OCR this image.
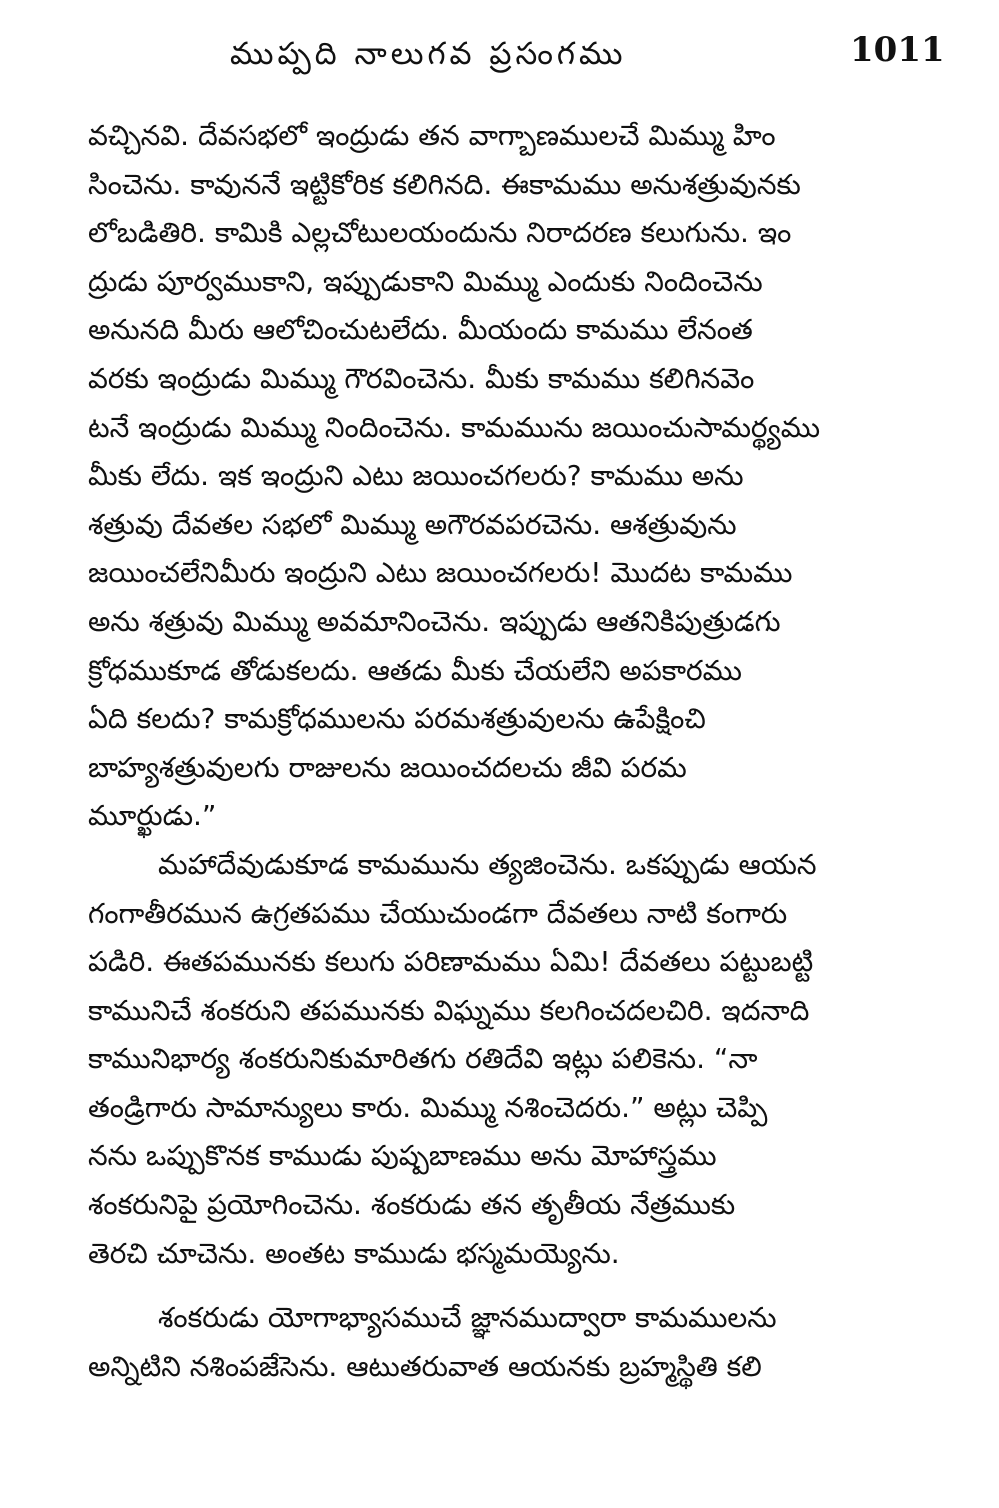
ముప్పది నాలుగవ ప్రసంగము	1011
వచ్చినవి. దేవసభలో ఇంద్రుడు తన వాగ్బాణములచే మిమ్ము హిం
సించెను. కావుననే ఇట్టికోరిక కలిగినది. ఈకామము అనుశత్రువునకు
లోబడితిరి. కామికి ఎల్లచోటులయందును నిరాదరణ కలుగును. ఇం
ద్రుడు పూర్వముకాని, ఇప్పుడుకాని మిమ్ము ఎందుకు నిందించెను
అనునది మీరు ఆలోచించుటలేదు. మీయందు కామము లేనంత
వరకు ఇంద్రుడు మిమ్ము గౌరవించెను. మీకు కామము కలిగినవెం
టనే ఇంద్రుడు మిమ్ము నిందించెను. కామమును జయించుసామర్థ్యము
మీకు లేదు. ఇక ఇంద్రుని ఎటు జయించగలరు? కామము అను
శత్రువు దేవతల సభలో మిమ్ము అగౌరవపరచెను. ఆశత్రువును
జయించలేనిమీరు ఇంద్రుని ఎటు జయించగలరు! మొదట కామము
అను శత్రువు మిమ్ము అవమానించెను. ఇప్పుడు ఆతనికిపుత్రుడగు
క్రోధముకూడ తోడుకలదు. ఆతడు మీకు చేయలేని అపకారము
ఏది కలదు? కామక్రోధములను పరమశత్రువులను ఉపేక్షించి
బాహ్యశత్రువులగు రాజులను జయించదలచు జీవి పరమ
మూర్ఖుడు.”
మహాదేవుడుకూడ కామమును త్యజించెను. ఒకప్పుడు ఆయన
గంగాతీరమున ఉగ్రతపము చేయుచుండగా దేవతలు నాటి కంగారు
పడిరి. ఈతపమునకు కలుగు పరిణామము ఏమి! దేవతలు పట్టుబట్టి
కామునిచే శంకరుని తపమునకు విఘ్నము కలగించదలచిరి. ఇదనాది
కామునిభార్య శంకరునికుమారితగు రతిదేవి ఇట్లు పలికెను. “నా
తండ్రిగారు సామాన్యులు కారు. మిమ్ము నశించెదరు.” అట్లు చెప్పి
నను ఒప్పుకొనక కాముడు పుష్పబాణము అను మోహాస్త్రము
శంకరునిపై ప్రయోగించెను. శంకరుడు తన తృతీయ నేత్రముకు
తెరచి చూచెను. అంతట కాముడు భస్మమయ్యెను.
శంకరుడు యోగాభ్యాసముచే జ్ఞానముద్వారా కామములను
అన్నిటిని నశింపజేసెను. ఆటుతరువాత ఆయనకు బ్రహ్మస్థితి కలి
